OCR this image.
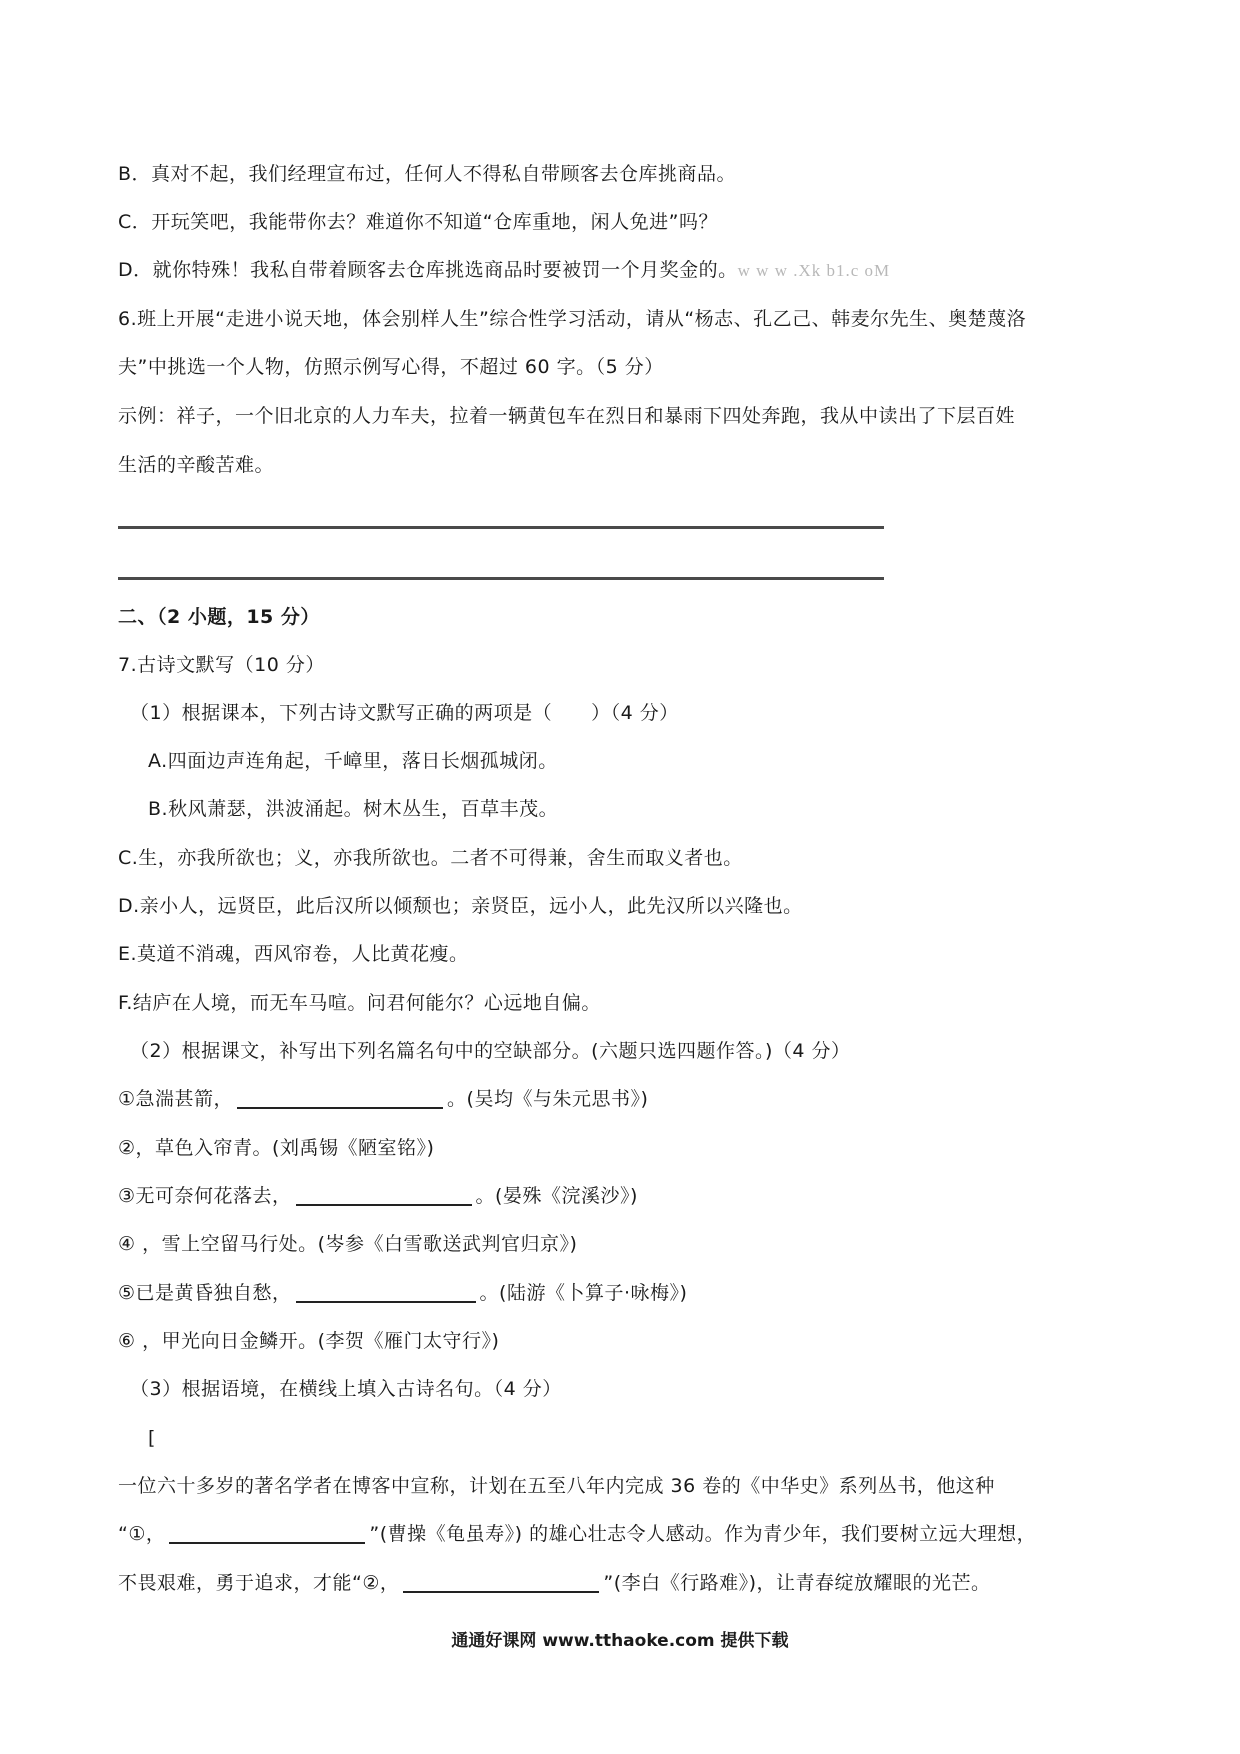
B．真对不起，我们经理宣布过，任何人不得私自带顾客去仓库挑商品。
C．开玩笑吧，我能带你去？难道你不知道“仓库重地，闲人免进”吗？
D．就你特殊！我私自带着顾客去仓库挑选商品时要被罚一个月奖金的。w w w .Xk b1.c oM
6.班上开展“走进小说天地，体会别样人生”综合性学习活动，请从“杨志、孔乙己、韩麦尔先生、奥楚蔑洛
夫”中挑选一个人物，仿照示例写心得，不超过 60 字。（5 分）
示例：祥子，一个旧北京的人力车夫，拉着一辆黄包车在烈日和暴雨下四处奔跑，我从中读出了下层百姓
生活的辛酸苦难。
二、（2 小题，15 分）
7.古诗文默写（10 分）
（1）根据课本，下列古诗文默写正确的两项是（　　）（4 分）
A.四面边声连角起，千嶂里，落日长烟孤城闭。
B.秋风萧瑟，洪波涌起。树木丛生，百草丰茂。
C.生，亦我所欲也；义，亦我所欲也。二者不可得兼，舍生而取义者也。
D.亲小人，远贤臣，此后汉所以倾颓也；亲贤臣，远小人，此先汉所以兴隆也。
E.莫道不消魂，西风帘卷，人比黄花瘦。
F.结庐在人境，而无车马喧。问君何能尔？心远地自偏。
（2）根据课文，补写出下列名篇名句中的空缺部分。(六题只选四题作答。)（4 分）
①急湍甚箭，	。(吴均《与朱元思书》)
②，草色入帘青。(刘禹锡《陋室铭》)
③无可奈何花落去，	。(晏殊《浣溪沙》)
④ ，雪上空留马行处。(岑参《白雪歌送武判官归京》)
⑤已是黄昏独自愁，	。(陆游《卜算子·咏梅》)
⑥ ，甲光向日金鳞开。(李贺《雁门太守行》)
（3）根据语境，在横线上填入古诗名句。（4 分）
[
一位六十多岁的著名学者在博客中宣称，计划在五至八年内完成 36 卷的《中华史》系列丛书，他这种
“①，	”(曹操《龟虽寿》) 的雄心壮志令人感动。作为青少年，我们要树立远大理想，
不畏艰难，勇于追求，才能“②，	”(李白《行路难》)，让青春绽放耀眼的光芒。
通通好课网 www.tthaoke.com 提供下载
